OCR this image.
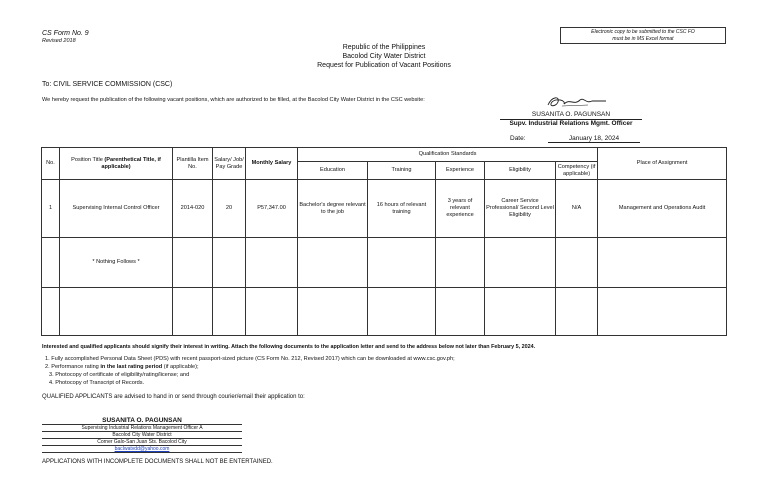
CS Form No. 9
Revised 2018
Electronic copy to be submitted to the CSC FO
must be in MS Excel format
Republic of the Philippines
Bacolod City Water District
Request for Publication of Vacant Positions
To: CIVIL SERVICE COMMISSION (CSC)
We hereby request the publication of the following vacant positions, which are authorized to be filled, at the Bacolod City Water District in the CSC website:
SUSANITA O. PAGUNSAN
Supv. Industrial Relations Mgmt. Officer
Date:	January 18, 2024
No.	Position Title (Parenthetical Title, if applicable)	Plantilla Item No.	Salary/ Job/ Pay Grade	Monthly Salary	Qualification Standards					Place of Assignment
					Education	Training	Experience	Eligibility	Competency (if applicable)	
1	Supervising Internal Control Officer	2014-020	20	P57,347.00	Bachelor's degree relevant to the job	16 hours of relevant training	3 years of relevant experience	Career Service Professional/ Second Level Eligibility	N/A	Management and Operations Audit
	* Nothing Follows *									

Interested and qualified applicants should signify their interest in writing. Attach the following documents to the application letter and send to the address below not later than February 5, 2024.
1. Fully accomplished Personal Data Sheet (PDS) with recent passport-sized picture (CS Form No. 212, Revised 2017) which can be downloaded at www.csc.gov.ph;
2. Performance rating in the last rating period (if applicable);
3. Photocopy of certificate of eligibility/rating/license; and
4. Photocopy of Transcript of Records.
QUALIFIED APPLICANTS are advised to hand in or send through courier/email their application to:
SUSANITA O. PAGUNSAN
Supervising Industrial Relations Management Officer A
Bacolod City Water District
Corner Galo-San Juan Sts. Bacolod City
bacIwatvdd@yahoo.com
APPLICATIONS WITH INCOMPLETE DOCUMENTS SHALL NOT BE ENTERTAINED.
